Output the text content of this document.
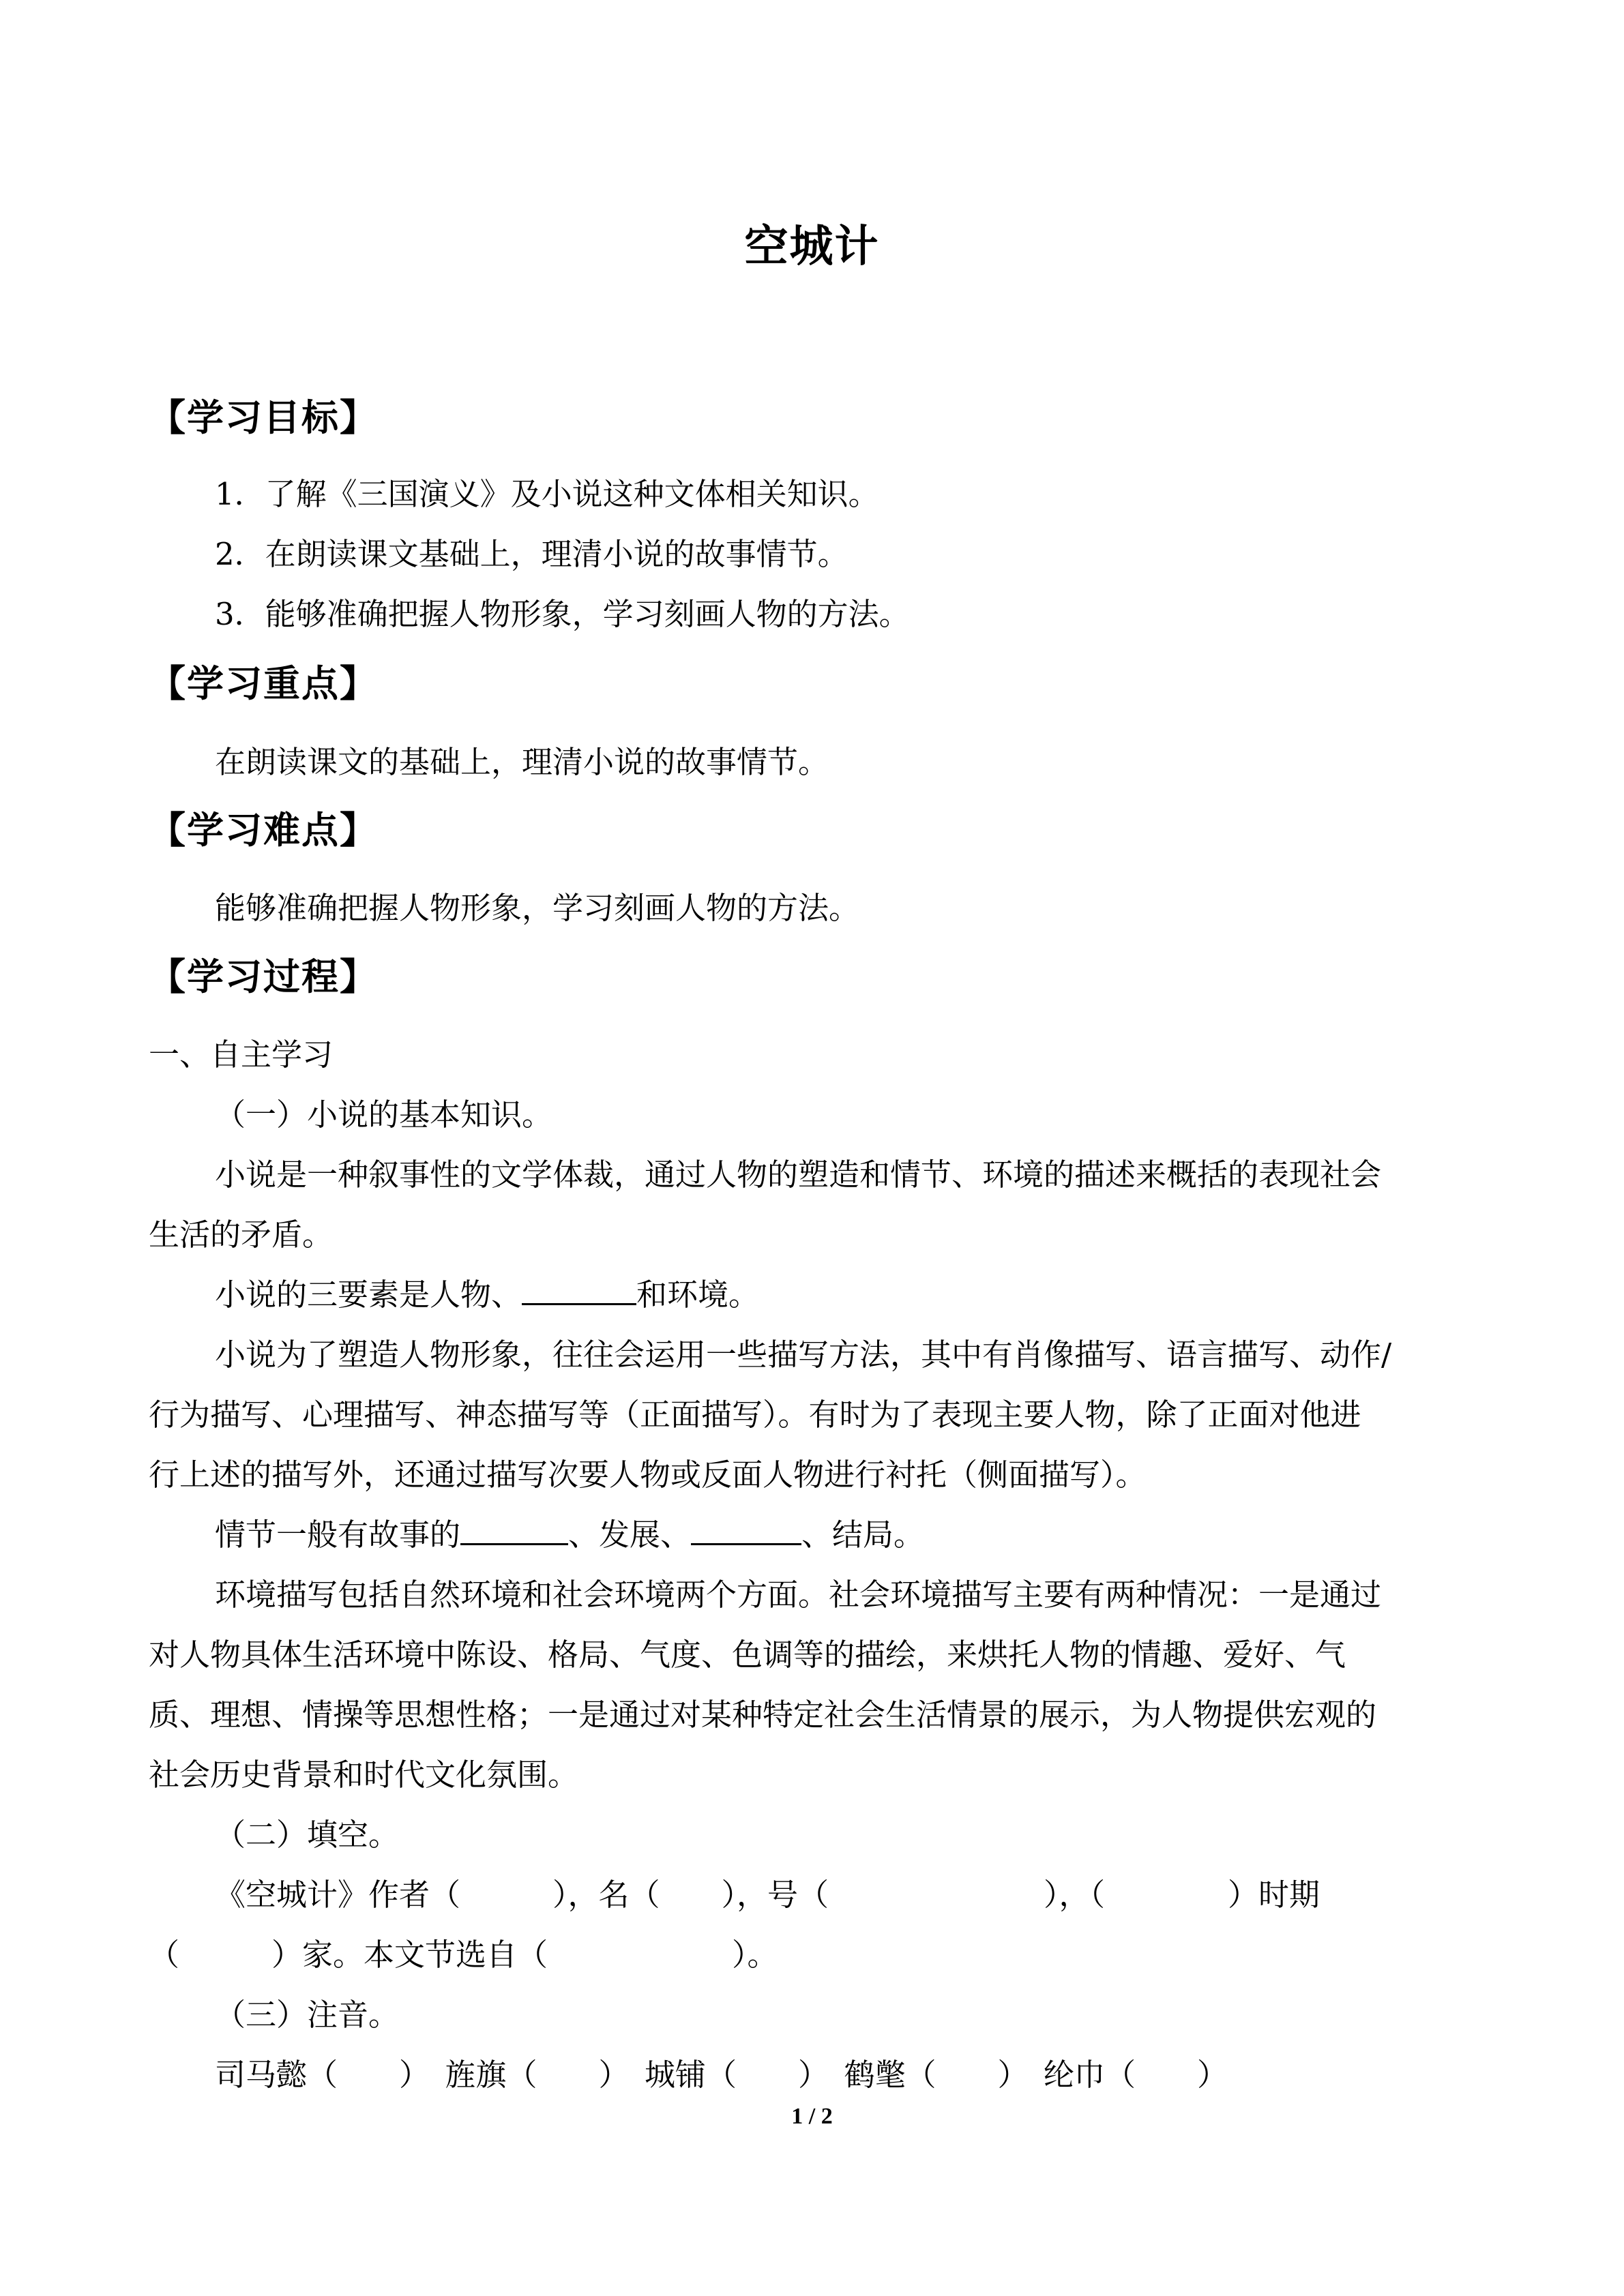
空城计
【学习目标】
1．了解《三国演义》及小说这种文体相关知识。
2．在朗读课文基础上，理清小说的故事情节。
3．能够准确把握人物形象，学习刻画人物的方法。
【学习重点】
在朗读课文的基础上，理清小说的故事情节。
【学习难点】
能够准确把握人物形象，学习刻画人物的方法。
【学习过程】
一、自主学习
（一）小说的基本知识。
小说是一种叙事性的文学体裁，通过人物的塑造和情节、环境的描述来概括的表现社会
生活的矛盾。
小说的三要素是人物、	和环境。
小说为了塑造人物形象，往往会运用一些描写方法，其中有肖像描写、语言描写、动作/
行为描写、心理描写、神态描写等（正面描写）。有时为了表现主要人物，除了正面对他进
行上述的描写外，还通过描写次要人物或反面人物进行衬托（侧面描写）。
情节一般有故事的	、发展、	、结局。
环境描写包括自然环境和社会环境两个方面。社会环境描写主要有两种情况：一是通过
对人物具体生活环境中陈设、格局、气度、色调等的描绘，来烘托人物的情趣、爱好、气
质、理想、情操等思想性格；一是通过对某种特定社会生活情景的展示，为人物提供宏观的
社会历史背景和时代文化氛围。
（二）填空。
《空城计》作者（　　　），名（　　），号（　　　　　　　），（　　　　）时期
（　　　）家。本文节选自（　　　　　　）。
（三）注音。
司马懿（　　）　旌旗（　　）　城铺（　　）　鹤氅（　　）　纶巾（　　）
1 / 2
